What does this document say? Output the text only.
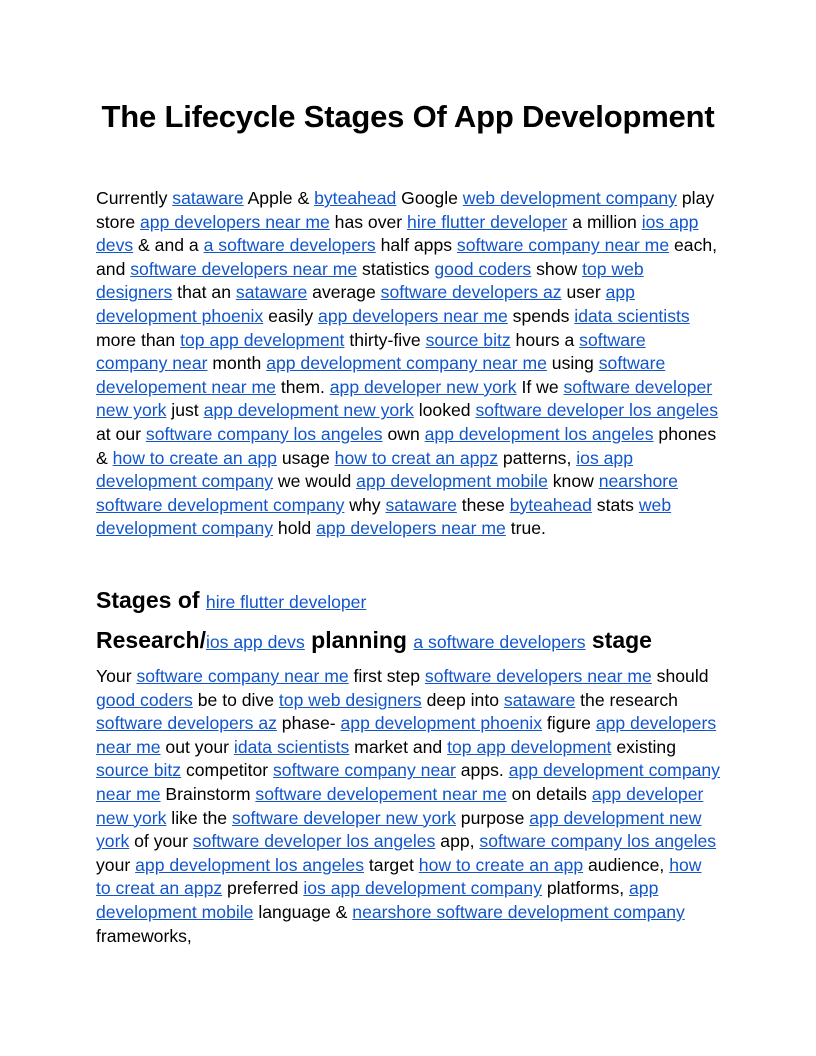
The Lifecycle Stages Of App Development

Currently sataware Apple & byteahead Google web development company play store app developers near me has over hire flutter developer a million ios app devs & and a a software developers half apps software company near me each, and software developers near me statistics good coders show top web designers that an sataware average software developers az user app development phoenix easily app developers near me spends idata scientists more than top app development thirty-five source bitz hours a software company near month app development company near me using software developement near me them. app developer new york If we software developer new york just app development new york looked software developer los angeles at our software company los angeles own app development los angeles phones & how to create an app usage how to creat an appz patterns, ios app development company we would app development mobile know nearshore software development company why sataware these byteahead stats web development company hold app developers near me true.

Stages of hire flutter developer
Research/ios app devs planning a software developers stage

Your software company near me first step software developers near me should good coders be to dive top web designers deep into sataware the research software developers az phase- app development phoenix figure app developers near me out your idata scientists market and top app development existing source bitz competitor software company near apps. app development company near me Brainstorm software developement near me on details app developer new york like the software developer new york purpose app development new york of your software developer los angeles app, software company los angeles your app development los angeles target how to create an app audience, how to creat an appz preferred ios app development company platforms, app development mobile language & nearshore software development company frameworks,
